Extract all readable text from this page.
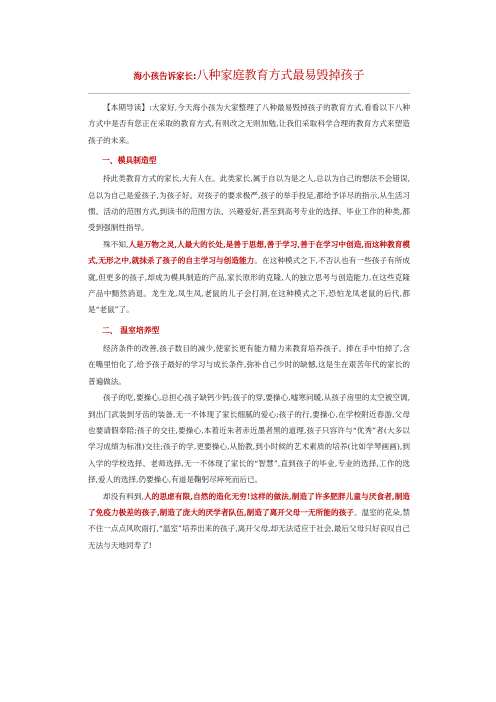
海小孩告诉家长:八种家庭教育方式最易毁掉孩子

【本期导读】:大家好,今天海小孩为大家整理了八种最易毁掉孩子的教育方式,看看以下八种方式中是否有您正在采取的教育方式,有则改之无则加勉,让我们采取科学合理的教育方式来塑造孩子的未来。

一、模具制造型

持此类教育方式的家长,大有人在。此类家长,属于自以为是之人,总以为自己的想法不会错误,总以为自己是爱孩子,为孩子好。对孩子的要求极严,孩子的举手投足,都给予详尽的指示,从生活习惯、活动的范围方式,到读书的范围方法、兴趣爱好,甚至到高考专业的选择、毕业工作的种类,都受到强制性指导。

殊不知,人是万物之灵,人最大的长处,是善于思想,善于学习,善于在学习中创造,而这种教育模式,无形之中,就抹杀了孩子的自主学习与创造能力。在这种模式之下,不否认也有一些孩子有所成就,但更多的孩子,却成为模具制造的产品,家长原形的克隆,人的独立思考与创造能力,在这些克隆产品中黯然消退。龙生龙,凤生凤,老鼠的儿子会打洞,在这种模式之下,恐怕龙凤老鼠的后代,都是“老鼠”了。

二、 温室培养型

经济条件的改善,孩子数目的减少,使家长更有能力精力来教育培养孩子。捧在手中怕掉了,含在嘴里怕化了,给予孩子最好的学习与成长条件,弥补自己少时的缺憾,这是生在艰苦年代的家长的普遍做法。

孩子的吃,要操心,总担心孩子缺钙少钙;孩子的穿,要操心,嘘寒问暖,从孩子房里的太空被空调,到出门武装到牙齿的装备,无一不体现了家长细腻的爱心;孩子的行,要操心,在学校附近春游,父母也要请假奉陪;孩子的交往,要操心,本着近朱者赤近墨者黑的道理,孩子只容许与“优秀”者(大多以学习成绩为标准)交往;孩子的学,更要操心,从胎教,到小时候的艺术素质的培养(比如学琴画画),到入学的学校选择、老师选择,无一不体现了家长的“智慧”,直到孩子的毕业,专业的选择,工作的选择,爱人的选择,仍要操心,有道是鞠躬尽瘁死而后已。

却没有料到,人的思虑有限,自然的造化无穷!这样的做法,制造了许多肥胖儿童与厌食者,制造了免疫力极差的孩子,制造了庞大的厌学者队伍,制造了离开父母一无所能的孩子。温室的花朵,禁不住一点点风吹雨打,“温室”培养出来的孩子,离开父母,却无法适应于社会,最后父母只好哀叹自己无法与天地同寿了!
